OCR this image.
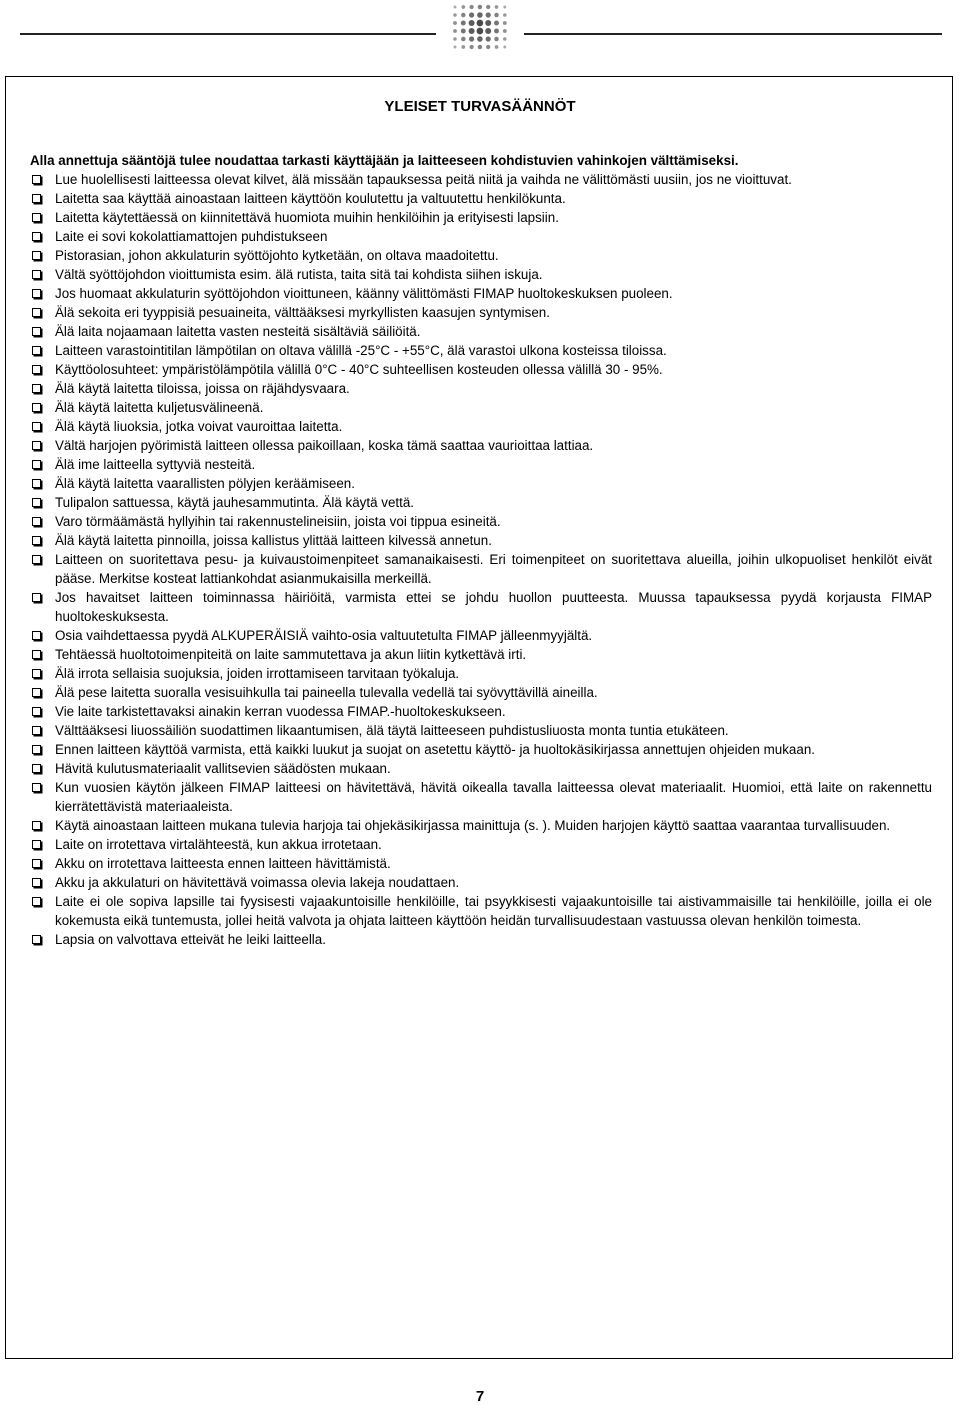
YLEISET TURVASÄÄNNÖT
Alla annettuja sääntöjä tulee noudattaa tarkasti käyttäjään ja laitteeseen kohdistuvien vahinkojen välttämiseksi.
Lue huolellisesti laitteessa olevat kilvet, älä missään tapauksessa peitä niitä ja vaihda ne välittömästi uusiin, jos ne vioittuvat.
Laitetta saa käyttää ainoastaan laitteen käyttöön koulutettu ja valtuutettu henkilökunta.
Laitetta käytettäessä on kiinnitettävä huomiota muihin henkilöihin ja erityisesti lapsiin.
Laite ei sovi kokolattiamattojen puhdistukseen
Pistorasian, johon akkulaturin syöttöjohto kytketään, on oltava maadoitettu.
Vältä syöttöjohdon vioittumista esim. älä rutista, taita sitä tai kohdista siihen iskuja.
Jos huomaat akkulaturin syöttöjohdon vioittuneen, käänny välittömästi FIMAP huoltokeskuksen puoleen.
Älä sekoita eri tyyppisiä pesuaineita, välttääksesi myrkyllisten kaasujen syntymisen.
Älä laita nojaamaan laitetta vasten nesteitä sisältäviä säiliöitä.
Laitteen varastointitilan lämpötilan on oltava välillä -25°C - +55°C, älä varastoi ulkona kosteissa tiloissa.
Käyttöolosuhteet: ympäristölämpötila välillä 0°C - 40°C suhteellisen kosteuden ollessa välillä 30 - 95%.
Älä käytä laitetta tiloissa, joissa on räjähdysvaara.
Älä käytä laitetta kuljetusvälineenä.
Älä käytä liuoksia, jotka voivat vauroittaa laitetta.
Vältä harjojen pyörimistä laitteen ollessa paikoillaan, koska tämä saattaa vaurioittaa lattiaa.
Älä ime laitteella syttyviä nesteitä.
Älä käytä laitetta vaarallisten pölyjen keräämiseen.
Tulipalon sattuessa, käytä jauhesammutinta. Älä käytä vettä.
Varo törmäämästä hyllyihin tai rakennustelineisiin, joista voi tippua esineitä.
Älä käytä laitetta pinnoilla, joissa kallistus ylittää laitteen kilvessä annetun.
Laitteen on suoritettava pesu- ja kuivaustoimenpiteet samanaikaisesti. Eri toimenpiteet on suoritettava alueilla, joihin ulkopuoliset henkilöt eivät pääse. Merkitse kosteat lattiankohdat asianmukaisilla merkeillä.
Jos havaitset laitteen toiminnassa häiriöitä, varmista ettei se johdu huollon puutteesta. Muussa tapauksessa pyydä korjausta FIMAP huoltokeskuksesta.
Osia vaihdettaessa pyydä ALKUPERÄISIÄ vaihto-osia valtuutetulta FIMAP jälleenmyyjältä.
Tehtäessä huoltotoimenpiteitä on laite sammutettava ja akun liitin kytkettävä irti.
Älä irrota sellaisia suojuksia, joiden irrottamiseen tarvitaan työkaluja.
Älä pese laitetta suoralla vesisuihkulla tai paineella tulevalla vedellä tai syövyttävillä aineilla.
Vie laite tarkistettavaksi ainakin kerran vuodessa FIMAP.-huoltokeskukseen.
Välttääksesi liuossäiliön suodattimen likaantumisen, älä täytä laitteeseen puhdistusliuosta monta tuntia etukäteen.
Ennen laitteen käyttöä varmista, että kaikki luukut ja suojat on asetettu käyttö- ja huoltokäsikirjassa annettujen ohjeiden mukaan.
Hävitä kulutusmateriaalit vallitsevien säädösten mukaan.
Kun vuosien käytön jälkeen FIMAP laitteesi on hävitettävä, hävitä oikealla tavalla laitteessa olevat materiaalit. Huomioi, että laite on rakennettu kierrätettävistä materiaaleista.
Käytä ainoastaan laitteen mukana tulevia harjoja tai ohjekäsikirjassa mainittuja (s. ). Muiden harjojen käyttö saattaa vaarantaa turvallisuuden.
Laite on irrotettava virtalähteestä, kun akkua irrotetaan.
Akku on irrotettava laitteesta ennen laitteen hävittämistä.
Akku ja akkulaturi on hävitettävä voimassa olevia lakeja noudattaen.
Laite ei ole sopiva lapsille tai fyysisesti vajaakuntoisille henkilöille, tai psyykkisesti vajaakuntoisille tai aistivammaisille tai henkilöille, joilla ei ole kokemusta eikä tuntemusta, jollei heitä valvota ja ohjata laitteen käyttöön heidän turvallisuudestaan vastuussa olevan henkilön toimesta.
Lapsia on valvottava etteivät he leiki laitteella.
7
